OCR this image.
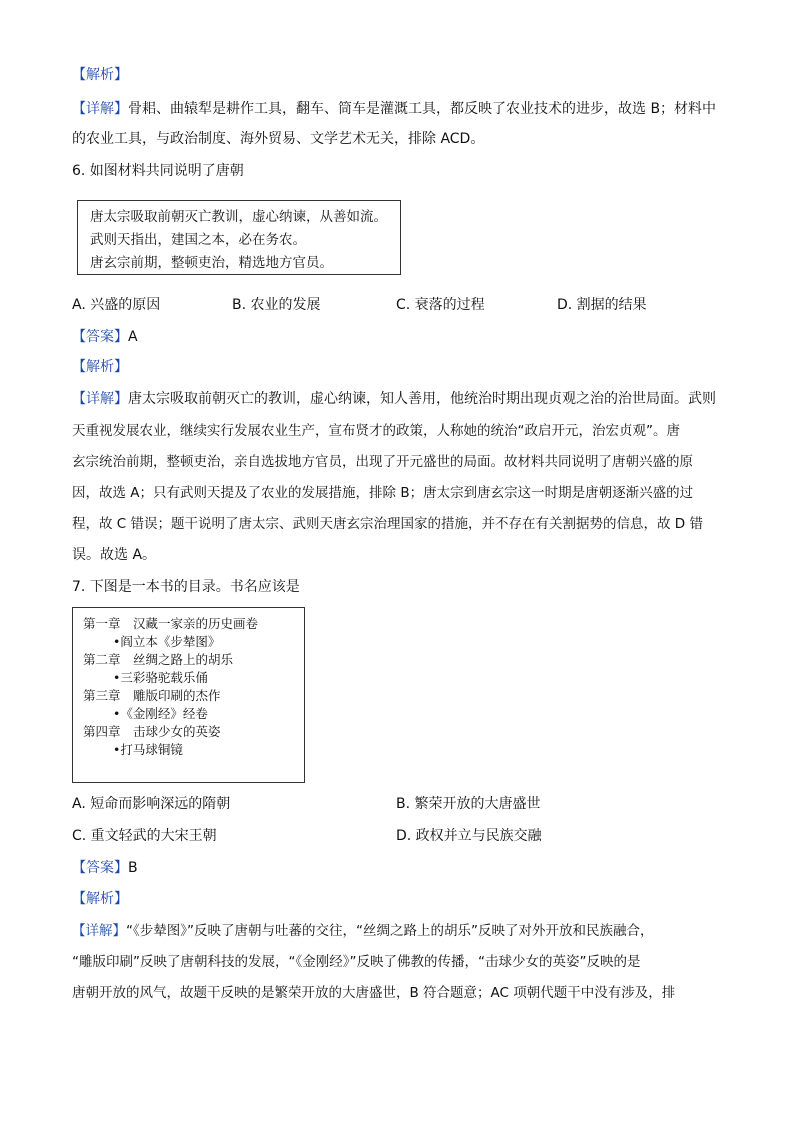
【解析】
【详解】骨耜、曲辕犁是耕作工具，翻车、筒车是灌溉工具，都反映了农业技术的进步，故选 B；材料中
的农业工具，与政治制度、海外贸易、文学艺术无关，排除 ACD。
6. 如图材料共同说明了唐朝
唐太宗吸取前朝灭亡教训，虚心纳谏，从善如流。
武则天指出，建国之本，必在务农。
唐玄宗前期，整顿吏治，精选地方官员。
A. 兴盛的原因	B. 农业的发展	C. 衰落的过程	D. 割据的结果
【答案】A
【解析】
【详解】唐太宗吸取前朝灭亡的教训，虚心纳谏，知人善用，他统治时期出现贞观之治的治世局面。武则
天重视发展农业，继续实行发展农业生产，宣布贤才的政策，人称她的统治“政启开元，治宏贞观”。唐
玄宗统治前期，整顿吏治，亲自选拔地方官员，出现了开元盛世的局面。故材料共同说明了唐朝兴盛的原
因，故选 A；只有武则天提及了农业的发展措施，排除 B；唐太宗到唐玄宗这一时期是唐朝逐渐兴盛的过
程，故 C 错误；题干说明了唐太宗、武则天唐玄宗治理国家的措施，并不存在有关割据势的信息，故 D 错
误。故选 A。
7. 下图是一本书的目录。书名应该是
第一章　汉藏一家亲的历史画卷
•阎立本《步辇图》
第二章　丝绸之路上的胡乐
•三彩骆驼载乐俑
第三章　雕版印刷的杰作
•《金刚经》经卷
第四章　击球少女的英姿
•打马球铜镜
A. 短命而影响深远的隋朝	B. 繁荣开放的大唐盛世
C. 重文轻武的大宋王朝	D. 政权并立与民族交融
【答案】B
【解析】
【详解】“《步辇图》”反映了唐朝与吐蕃的交往，“丝绸之路上的胡乐”反映了对外开放和民族融合，
“雕版印刷”反映了唐朝科技的发展，“《金刚经》”反映了佛教的传播，“击球少女的英姿”反映的是
唐朝开放的风气，故题干反映的是繁荣开放的大唐盛世，B 符合题意；AC 项朝代题干中没有涉及，排
